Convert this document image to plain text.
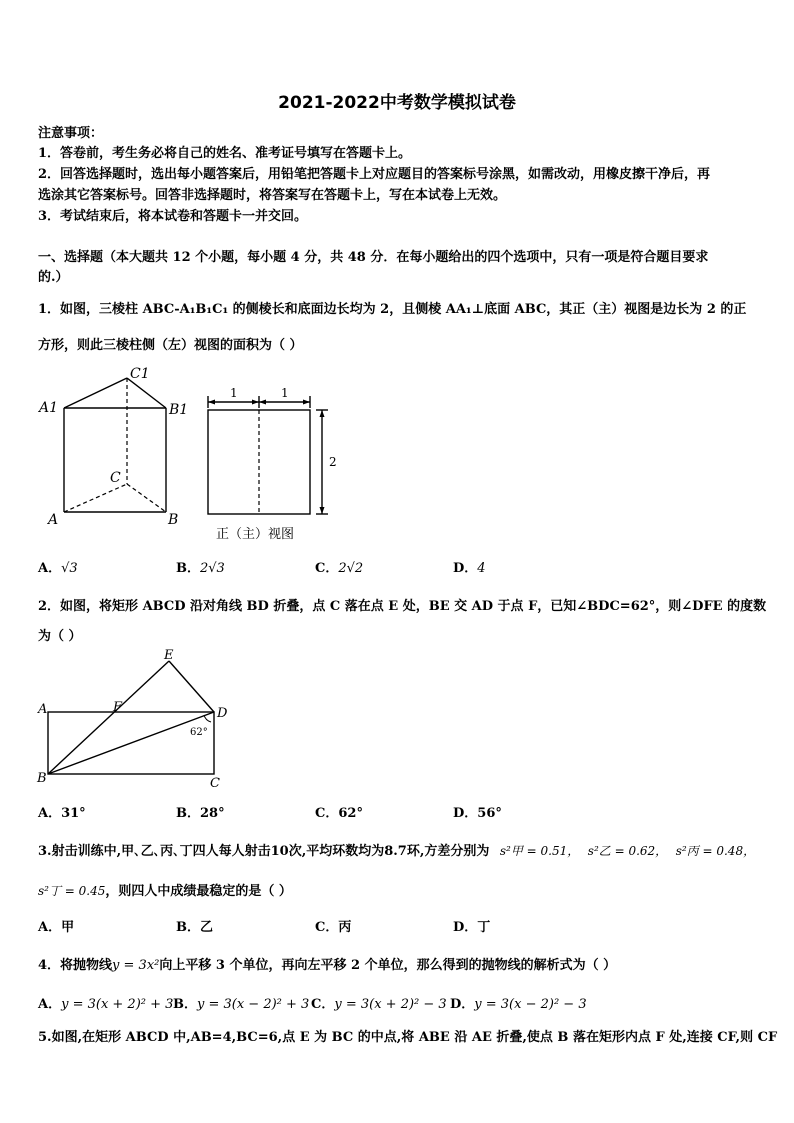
2021-2022中考数学模拟试卷
注意事项：
1．答卷前，考生务必将自己的姓名、准考证号填写在答题卡上。
2．回答选择题时，选出每小题答案后，用铅笔把答题卡上对应题目的答案标号涂黑，如需改动，用橡皮擦干净后，再
选涂其它答案标号。回答非选择题时，将答案写在答题卡上，写在本试卷上无效。
3．考试结束后，将本试卷和答题卡一并交回。
一、选择题（本大题共 12 个小题，每小题 4 分，共 48 分．在每小题给出的四个选项中，只有一项是符合题目要求
的.）
1．如图，三棱柱 ABC-A₁B₁C₁ 的侧棱长和底面边长均为 2，且侧棱 AA₁⊥底面 ABC，其正（主）视图是边长为 2 的正
方形，则此三棱柱侧（左）视图的面积为（ ）
C1
A1	B1
C
A	B
1	1
2
正（主）视图
A．√3	B．2√3	C．2√2	D．4
2．如图，将矩形 ABCD 沿对角线 BD 折叠，点 C 落在点 E 处，BE 交 AD 于点 F，已知∠BDC=62°，则∠DFE 的度数
为（ ）
E
A	F	D
B	C
62°
A．31°	B．28°	C．62°	D．56°
3.射击训练中,甲､乙､丙､丁四人每人射击10次,平均环数均为8.7环,方差分别为 s²甲 = 0.51， s²乙 = 0.62， s²丙 = 0.48，
s²丁 = 0.45，则四人中成绩最稳定的是（ ）
A．甲	B．乙	C．丙	D．丁
4．将抛物线y = 3x²向上平移 3 个单位，再向左平移 2 个单位，那么得到的抛物线的解析式为（ ）
A．y = 3(x + 2)² + 3 B．y = 3(x − 2)² + 3 C．y = 3(x + 2)² − 3 D．y = 3(x − 2)² − 3
5.如图,在矩形 ABCD 中,AB=4,BC=6,点 E 为 BC 的中点,将 ABE 沿 AE 折叠,使点 B 落在矩形内点 F 处,连接 CF,则 CF
